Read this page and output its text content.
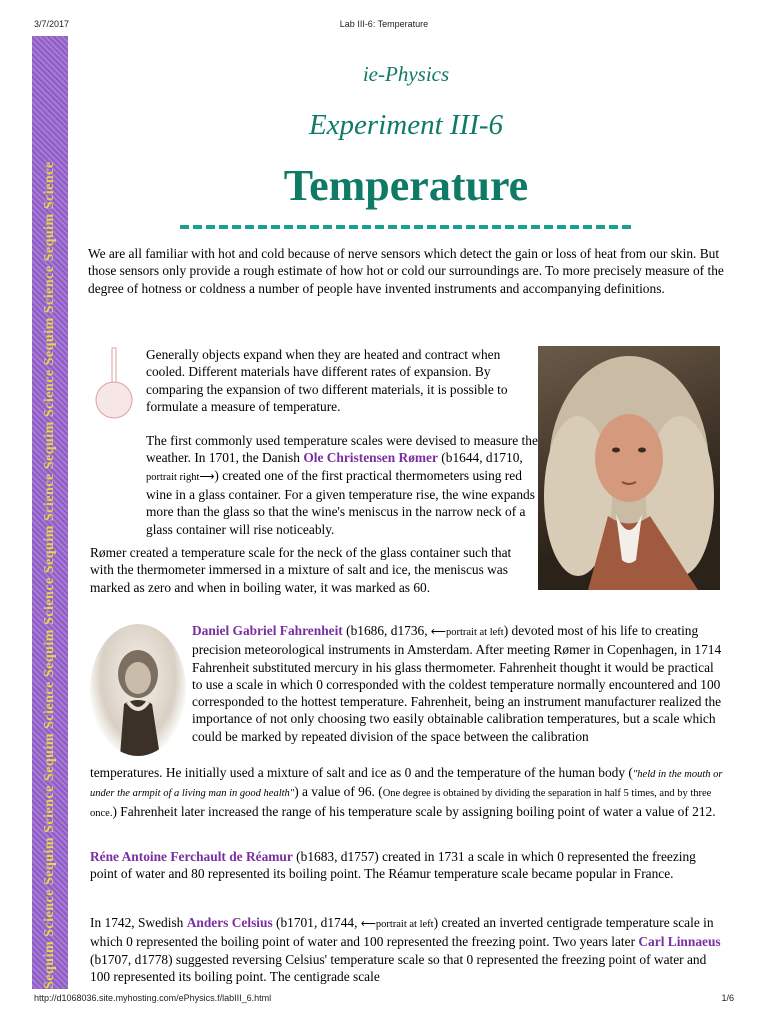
3/7/2017	Lab III-6: Temperature
Sequim Science Sequim Science Sequim Science Sequim Science Sequim Science Sequim Science Sequim Science Sequim Science
ie-Physics
Experiment III-6
Temperature

We are all familiar with hot and cold because of nerve sensors which detect the gain or loss of heat from our skin. But those sensors only provide a rough estimate of how hot or cold our surroundings are. To more precisely measure of the degree of hotness or coldness a number of people have invented instruments and accompanying definitions.

Generally objects expand when they are heated and contract when cooled. Different materials have different rates of expansion. By comparing the expansion of two different materials, it is possible to formulate a measure of temperature.

The first commonly used temperature scales were devised to measure the weather. In 1701, the Danish Ole Christensen Rømer (b1644, d1710, portrait right⟶) created one of the first practical thermometers using red wine in a glass container. For a given temperature rise, the wine expands more than the glass so that the wine's meniscus in the narrow neck of a glass container will rise noticeably.

Rømer created a temperature scale for the neck of the glass container such that with the thermometer immersed in a mixture of salt and ice, the meniscus was marked as zero and when in boiling water, it was marked as 60.

Daniel Gabriel Fahrenheit (b1686, d1736, ⟵portrait at left) devoted most of his life to creating precision meteorological instruments in Amsterdam. After meeting Rømer in Copenhagen, in 1714 Fahrenheit substituted mercury in his glass thermometer. Fahrenheit thought it would be practical to use a scale in which 0 corresponded with the coldest temperature normally encountered and 100 corresponded to the hottest temperature. Fahrenheit, being an instrument manufacturer realized the importance of not only choosing two easily obtainable calibration temperatures, but a scale which could be marked by repeated division of the space between the calibration

temperatures. He initially used a mixture of salt and ice as 0 and the temperature of the human body ("held in the mouth or under the armpit of a living man in good health") a value of 96. (One degree is obtained by dividing the separation in half 5 times, and by three once.) Fahrenheit later increased the range of his temperature scale by assigning boiling point of water a value of 212.

Réne Antoine Ferchault de Réamur (b1683, d1757) created in 1731 a scale in which 0 represented the freezing point of water and 80 represented its boiling point. The Réamur temperature scale became popular in France.

In 1742, Swedish Anders Celsius (b1701, d1744, ⟵portrait at left) created an inverted centigrade temperature scale in which 0 represented the boiling point of water and 100 represented the freezing point. Two years later Carl Linnaeus (b1707, d1778) suggested reversing Celsius' temperature scale so that 0 represented the freezing point of water and 100 represented its boiling point. The centigrade scale

http://d1068036.site.myhosting.com/ePhysics.f/labIII_6.html	1/6
